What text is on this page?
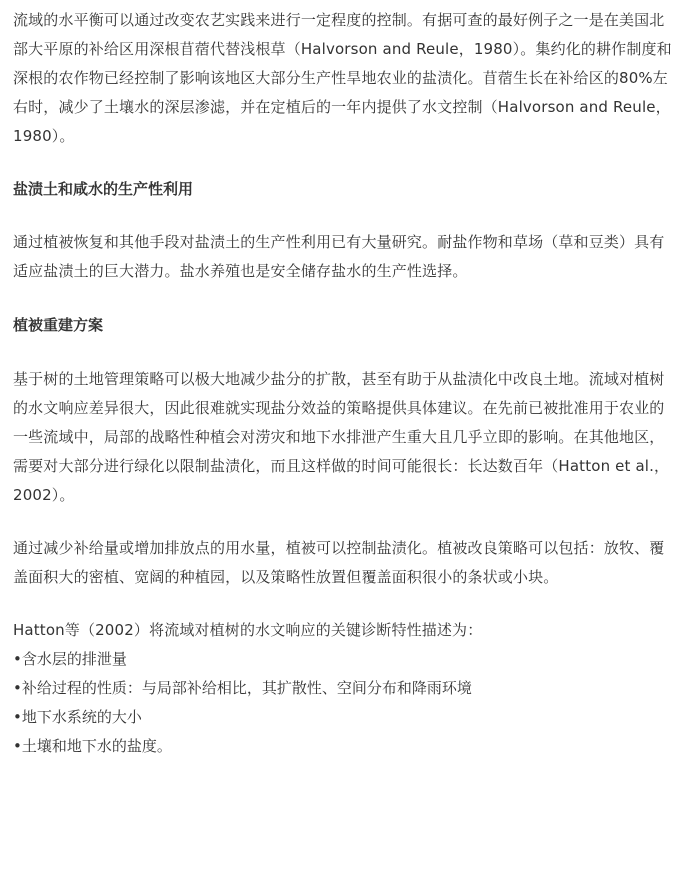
流域的水平衡可以通过改变农艺实践来进行一定程度的控制。有据可查的最好例子之一是在美国北部大平原的补给区用深根苜蓿代替浅根草（Halvorson and Reule，1980）。集约化的耕作制度和深根的农作物已经控制了影响该地区大部分生产性旱地农业的盐渍化。苜蓿生长在补给区的80%左右时，减少了土壤水的深层渗滤，并在定植后的一年内提供了水文控制（Halvorson and Reule，1980）。

盐渍土和咸水的生产性利用

通过植被恢复和其他手段对盐渍土的生产性利用已有大量研究。耐盐作物和草场（草和豆类）具有适应盐渍土的巨大潜力。盐水养殖也是安全储存盐水的生产性选择。

植被重建方案

基于树的土地管理策略可以极大地减少盐分的扩散，甚至有助于从盐渍化中改良土地。流域对植树的水文响应差异很大，因此很难就实现盐分效益的策略提供具体建议。在先前已被批准用于农业的一些流域中，局部的战略性种植会对涝灾和地下水排泄产生重大且几乎立即的影响。在其他地区，需要对大部分进行绿化以限制盐渍化，而且这样做的时间可能很长：长达数百年（Hatton et al.，2002）。

通过减少补给量或增加排放点的用水量，植被可以控制盐渍化。植被改良策略可以包括：放牧、覆盖面积大的密植、宽阔的种植园，以及策略性放置但覆盖面积很小的条状或小块。

Hatton等（2002）将流域对植树的水文响应的关键诊断特性描述为：

•含水层的排泄量

•补给过程的性质：与局部补给相比，其扩散性、空间分布和降雨环境

•地下水系统的大小

•土壤和地下水的盐度。
